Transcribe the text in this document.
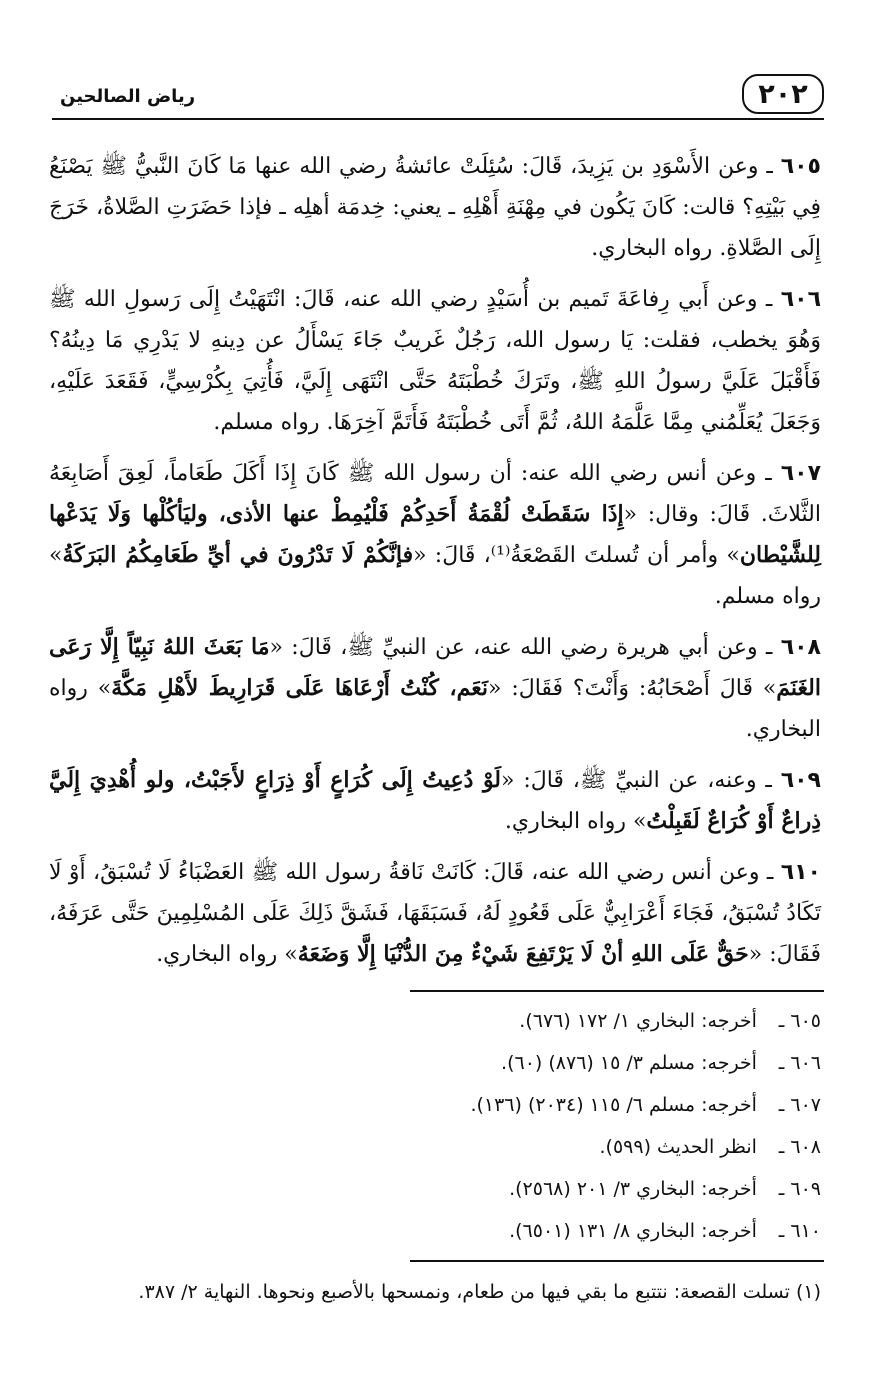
٢٠٢
رياض الصالحين

٦٠٥ ـ وعن الأَسْوَدِ بن يَزِيدَ، قَالَ: سُئِلَتْ عائشةُ رضي الله عنها مَا كَانَ النَّبيُّ ﷺ يَصْنَعُ فِي بَيْتِهِ؟ قالت: كَانَ يَكُون في مِهْنَةِ أَهْلِهِ ـ يعني: خِدمَة أهلِه ـ فإذا حَضَرَتِ الصَّلاةُ، خَرَجَ إِلَى الصَّلاةِ. رواه البخاري.

٦٠٦ ـ وعن أَبي رِفاعَةَ تَميم بن أُسَيْدٍ رضي الله عنه، قَالَ: انْتَهَيْتُ إِلَى رَسولِ الله ﷺ وَهُوَ يخطب، فقلت: يَا رسول الله، رَجُلٌ غَريبٌ جَاءَ يَسْأَلُ عن دِينهِ لا يَدْرِي مَا دِينُهُ؟ فَأَقْبَلَ عَلَيَّ رسولُ اللهِ ﷺ، وتَرَكَ خُطْبَتَهُ حَتَّى انْتَهَى إِلَيَّ، فَأُتِيَ بِكُرْسِيٍّ، فَقَعَدَ عَلَيْهِ، وَجَعَلَ يُعَلِّمُني مِمَّا عَلَّمَهُ اللهُ، ثُمَّ أَتَى خُطْبَتَهُ فَأَتَمَّ آخِرَهَا. رواه مسلم.

٦٠٧ ـ وعن أنس رضي الله عنه: أن رسول الله ﷺ كَانَ إِذَا أَكَلَ طَعَاماً، لَعِقَ أَصَابِعَهُ الثَّلاثَ. قَالَ: وقال: «إِذَا سَقَطَتْ لُقْمَةُ أَحَدِكُمْ فَلْيُمِطْ عنها الأذى، وليَأكُلْها وَلَا يَدَعْها لِلشَّيْطان» وأمر أن تُسلتَ القَصْعَةُ⁽¹⁾، قَالَ: «فإنَّكُمْ لَا تَدْرُونَ في أيِّ طَعَامِكُمُ البَرَكَةُ» رواه مسلم.

٦٠٨ ـ وعن أبي هريرة رضي الله عنه، عن النبيِّ ﷺ، قَالَ: «مَا بَعَثَ اللهُ نَبِيّاً إِلَّا رَعَى الغَنَمَ» قَالَ أَصْحَابُهُ: وَأَنْتَ؟ فَقَالَ: «نَعَم، كُنْتُ أَرْعَاهَا عَلَى قَرَارِيطَ لأَهْلِ مَكَّةَ» رواه البخاري.

٦٠٩ ـ وعنه، عن النبيِّ ﷺ، قَالَ: «لَوْ دُعِيتُ إِلَى كُرَاعٍ أَوْ ذِرَاعٍ لأَجَبْتُ، ولو أُهْدِيَ إِلَيَّ ذِراعٌ أَوْ كُرَاعٌ لَقَبِلْتُ» رواه البخاري.

٦١٠ ـ وعن أنس رضي الله عنه، قَالَ: كَانَتْ نَاقةُ رسول الله ﷺ العَضْبَاءُ لَا تُسْبَقُ، أَوْ لَا تَكَادُ تُسْبَقُ، فَجَاءَ أَعْرَابِيٌّ عَلَى قَعُودٍ لَهُ، فَسَبَقَهَا، فَشَقَّ ذَلِكَ عَلَى المُسْلِمِينَ حَتَّى عَرَفَهُ، فَقَالَ: «حَقٌّ عَلَى اللهِ أنْ لَا يَرْتَفِعَ شَيْءٌ مِنَ الدُّنْيَا إِلَّا وَضَعَهُ» رواه البخاري.

٦٠٥ ـ أخرجه: البخاري ١/ ١٧٢ (٦٧٦).

٦٠٦ ـ أخرجه: مسلم ٣/ ١٥ (٨٧٦) (٦٠).

٦٠٧ ـ أخرجه: مسلم ٦/ ١١٥ (٢٠٣٤) (١٣٦).

٦٠٨ ـ انظر الحديث (٥٩٩).

٦٠٩ ـ أخرجه: البخاري ٣/ ٢٠١ (٢٥٦٨).

٦١٠ ـ أخرجه: البخاري ٨/ ١٣١ (٦٥٠١).

(١) تسلت القصعة: نتتبع ما بقي فيها من طعام، ونمسحها بالأصبع ونحوها. النهاية ٢/ ٣٨٧.
